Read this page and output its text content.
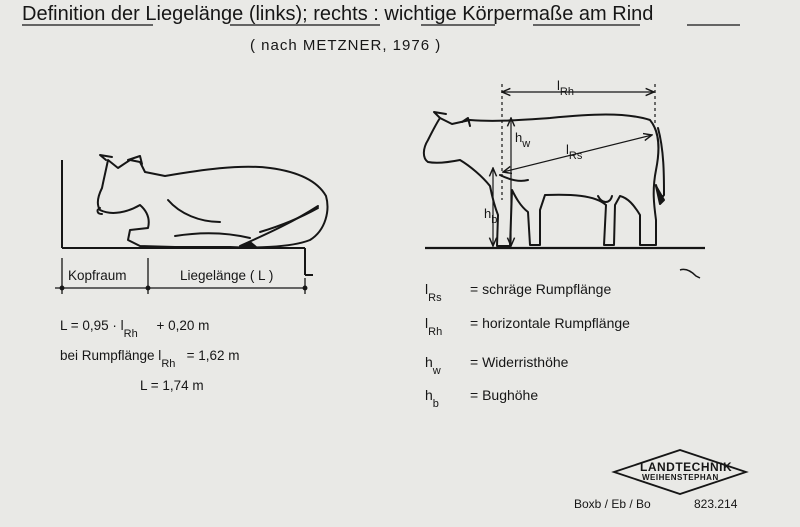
Definition der Liegelänge (links); rechts : wichtige Körpermaße am Rind
( nach METZNER, 1976 )
Kopfraum	Liegelänge ( L )
$L = 0,95 \cdot l_{Rh}$     + 0,20 m
bei Rumpflänge $l_{Rh} = 1,62$ m
L = 1,74 m
$l_{Rh}$
$h_w$	$l_{Rs}$
$h_b$
$l_{Rs}$
= schräge Rumpflänge
$l_{Rh}$
= horizontale Rumpflänge
$h_w$
= Widerristhöhe
$h_b$
= Bughöhe
LANDTECHNIK
WEIHENSTEPHAN
Boxb / Eb / Bo	823.214
